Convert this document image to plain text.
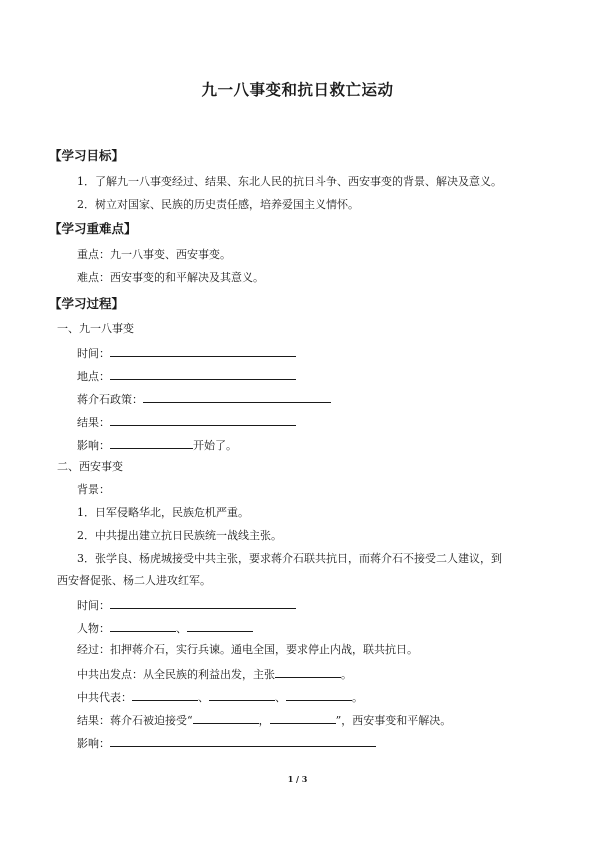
九一八事变和抗日救亡运动
【学习目标】
1．了解九一八事变经过、结果、东北人民的抗日斗争、西安事变的背景、解决及意义。
2．树立对国家、民族的历史责任感，培养爱国主义情怀。
【学习重难点】
重点：九一八事变、西安事变。
难点：西安事变的和平解决及其意义。
【学习过程】
一、九一八事变
时间：
地点：
蒋介石政策：
结果：
影响：	开始了。
二、西安事变
背景：
1．日军侵略华北，民族危机严重。
2．中共提出建立抗日民族统一战线主张。
3．张学良、杨虎城接受中共主张，要求蒋介石联共抗日，而蒋介石不接受二人建议，到
西安督促张、杨二人进攻红军。
时间：
人物：	、
经过：扣押蒋介石，实行兵谏。通电全国，要求停止内战，联共抗日。
中共出发点：从全民族的利益出发，主张	。
中共代表：	、	、	。
结果：蒋介石被迫接受“	，	”，西安事变和平解决。
影响：
1 / 3
